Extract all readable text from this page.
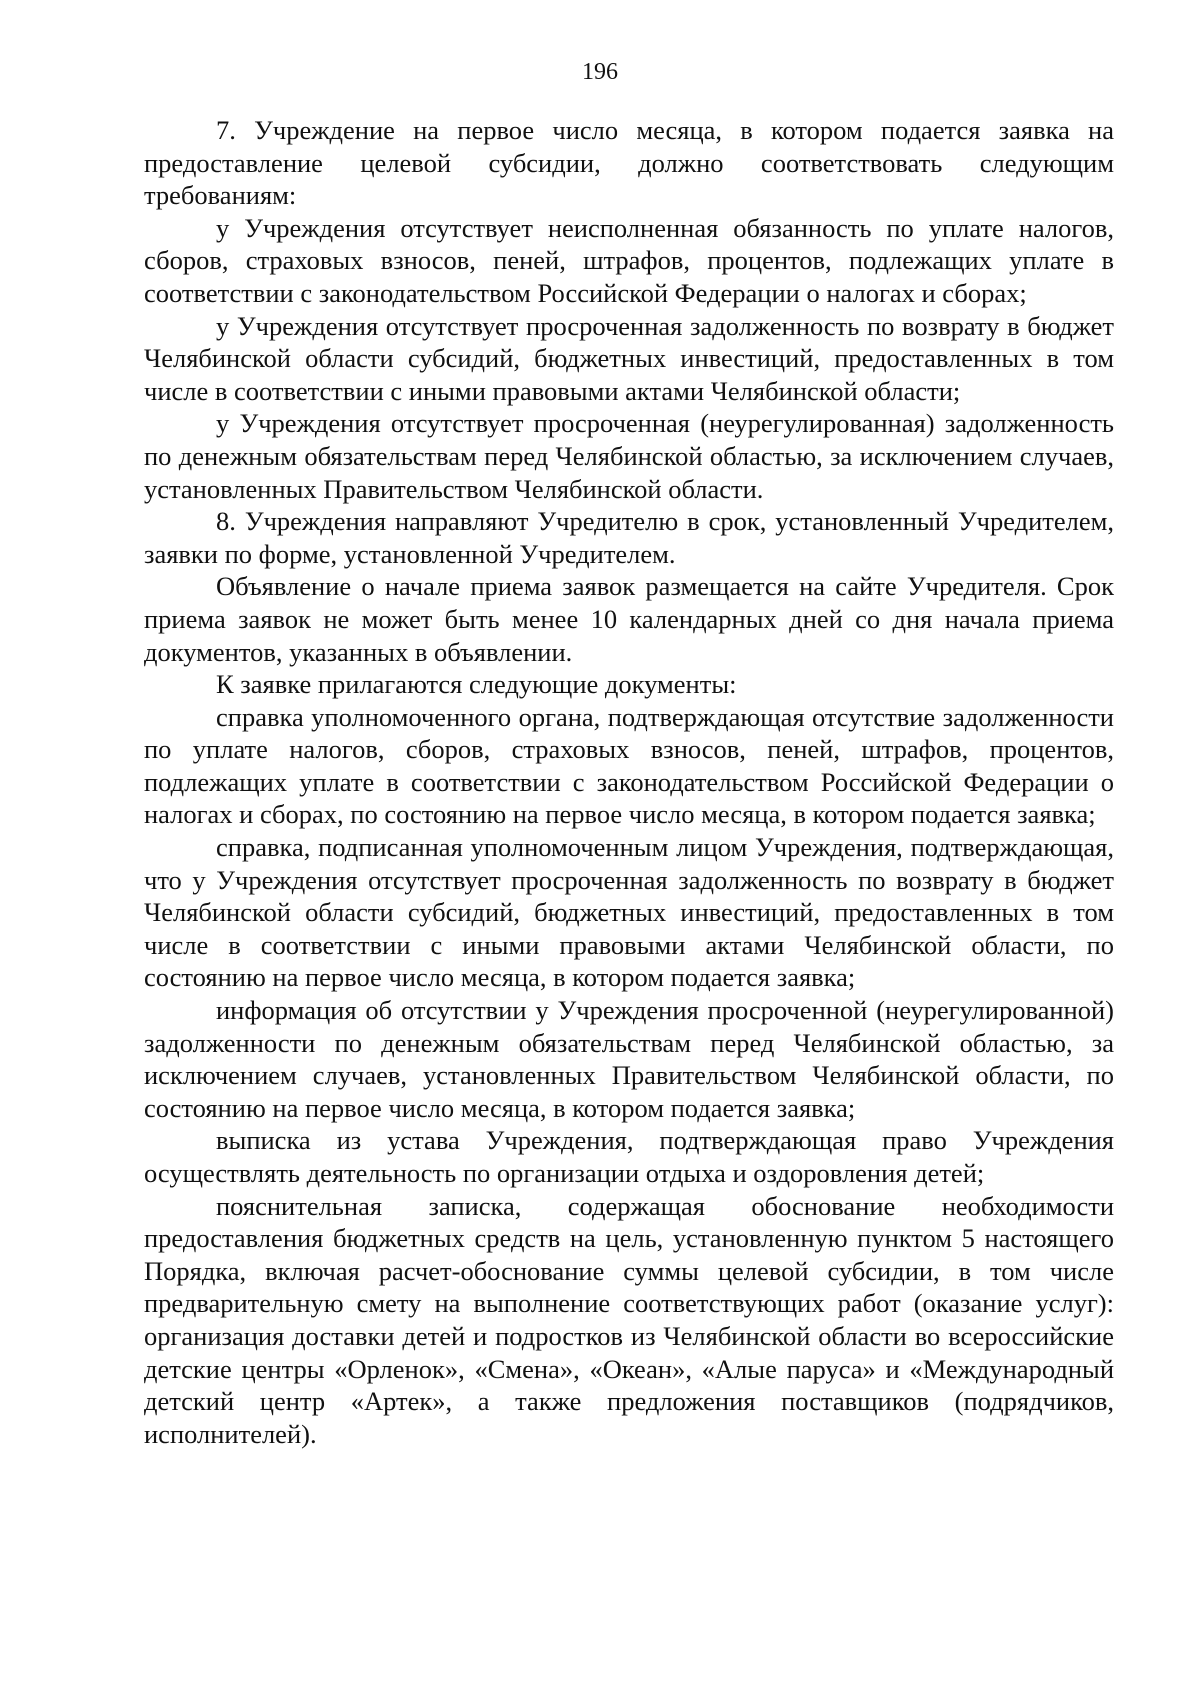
196

7. Учреждение на первое число месяца, в котором подается заявка на предоставление целевой субсидии, должно соответствовать следующим требованиям:

у Учреждения отсутствует неисполненная обязанность по уплате налогов, сборов, страховых взносов, пеней, штрафов, процентов, подлежащих уплате в соответствии с законодательством Российской Федерации о налогах и сборах;

у Учреждения отсутствует просроченная задолженность по возврату в бюджет Челябинской области субсидий, бюджетных инвестиций, предоставленных в том числе в соответствии с иными правовыми актами Челябинской области;

у Учреждения отсутствует просроченная (неурегулированная) задолженность по денежным обязательствам перед Челябинской областью, за исключением случаев, установленных Правительством Челябинской области.

8. Учреждения направляют Учредителю в срок, установленный Учредителем, заявки по форме, установленной Учредителем.

Объявление о начале приема заявок размещается на сайте Учредителя. Срок приема заявок не может быть менее 10 календарных дней со дня начала приема документов, указанных в объявлении.

К заявке прилагаются следующие документы:

справка уполномоченного органа, подтверждающая отсутствие задолженности по уплате налогов, сборов, страховых взносов, пеней, штрафов, процентов, подлежащих уплате в соответствии с законодательством Российской Федерации о налогах и сборах, по состоянию на первое число месяца, в котором подается заявка;

справка, подписанная уполномоченным лицом Учреждения, подтверждающая, что у Учреждения отсутствует просроченная задолженность по возврату в бюджет Челябинской области субсидий, бюджетных инвестиций, предоставленных в том числе в соответствии с иными правовыми актами Челябинской области, по состоянию на первое число месяца, в котором подается заявка;

информация об отсутствии у Учреждения просроченной (неурегулированной) задолженности по денежным обязательствам перед Челябинской областью, за исключением случаев, установленных Правительством Челябинской области, по состоянию на первое число месяца, в котором подается заявка;

выписка из устава Учреждения, подтверждающая право Учреждения осуществлять деятельность по организации отдыха и оздоровления детей;

пояснительная записка, содержащая обоснование необходимости предоставления бюджетных средств на цель, установленную пунктом 5 настоящего Порядка, включая расчет-обоснование суммы целевой субсидии, в том числе предварительную смету на выполнение соответствующих работ (оказание услуг): организация доставки детей и подростков из Челябинской области во всероссийские детские центры «Орленок», «Смена», «Океан», «Алые паруса» и «Международный детский центр «Артек», а также предложения поставщиков (подрядчиков, исполнителей).
